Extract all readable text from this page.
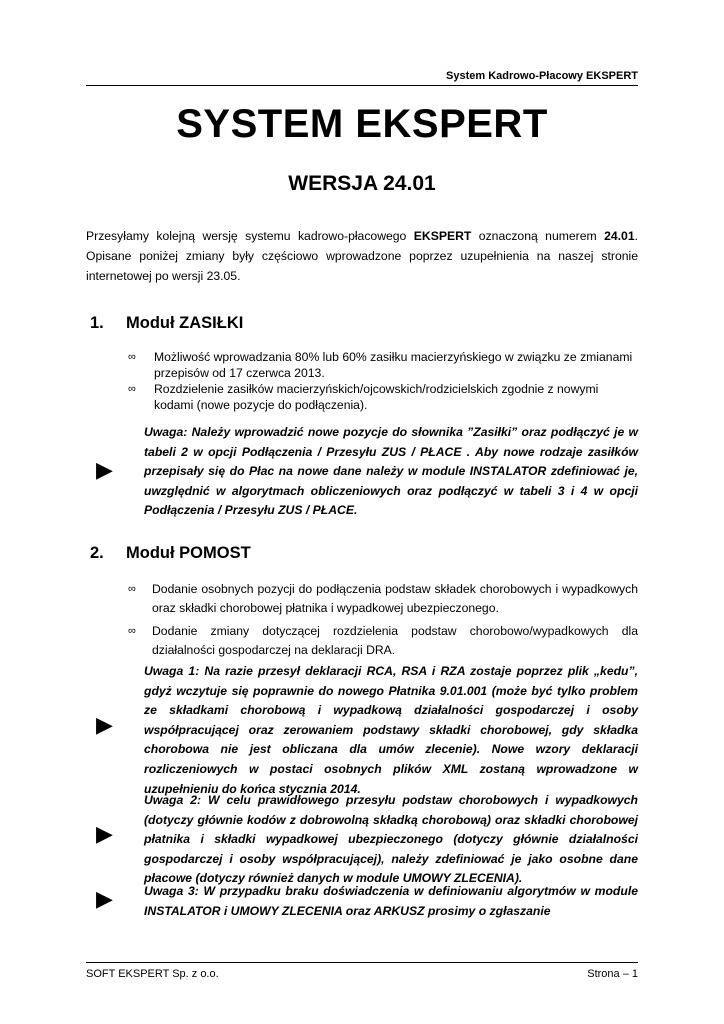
System Kadrowo-Płacowy EKSPERT
SYSTEM EKSPERT
WERSJA 24.01
Przesyłamy kolejną wersję systemu kadrowo-płacowego EKSPERT oznaczoną numerem 24.01. Opisane poniżej zmiany były częściowo wprowadzone poprzez uzupełnienia na naszej stronie internetowej po wersji 23.05.
1. Moduł ZASIŁKI
∞	Możliwość wprowadzania 80% lub 60% zasiłku macierzyńskiego w związku ze zmianami przepisów od 17 czerwca 2013.
∞	Rozdzielenie zasiłków macierzyńskich/ojcowskich/rodzicielskich zgodnie z nowymi kodami (nowe pozycje do podłączenia).
▶
Uwaga: Należy wprowadzić nowe pozycje do słownika ”Zasiłki” oraz podłączyć je w tabeli 2 w opcji Podłączenia / Przesyłu ZUS / PŁACE . Aby nowe rodzaje zasiłków przepisały się do Płac na nowe dane należy w module INSTALATOR zdefiniować je, uwzględnić w algorytmach obliczeniowych oraz podłączyć w tabeli 3 i 4 w opcji Podłączenia / Przesyłu ZUS / PŁACE.
2. Moduł POMOST
∞ Dodanie osobnych pozycji do podłączenia podstaw składek chorobowych i wypadkowych oraz składki chorobowej płatnika i wypadkowej ubezpieczonego.
∞ Dodanie zmiany dotyczącej rozdzielenia podstaw chorobowo/wypadkowych dla działalności gospodarczej na deklaracji DRA.
▶
Uwaga 1: Na razie przesył deklaracji RCA, RSA i RZA zostaje poprzez plik „kedu”, gdyż wczytuje się poprawnie do nowego Płatnika 9.01.001 (może być tylko problem ze składkami chorobową i wypadkową działalności gospodarczej i osoby współpracującej oraz zerowaniem podstawy składki chorobowej, gdy składka chorobowa nie jest obliczana dla umów zlecenie). Nowe wzory deklaracji rozliczeniowych w postaci osobnych plików XML zostaną wprowadzone w uzupełnieniu do końca stycznia 2014.
▶
Uwaga 2: W celu prawidłowego przesyłu podstaw chorobowych i wypadkowych (dotyczy głównie kodów z dobrowolną składką chorobową) oraz składki chorobowej płatnika i składki wypadkowej ubezpieczonego (dotyczy głównie działalności gospodarczej i osoby współpracującej), należy zdefiniować je jako osobne dane płacowe (dotyczy również danych w module UMOWY ZLECENIA).
▶	Uwaga 3: W przypadku braku doświadczenia w definiowaniu algorytmów w module INSTALATOR i UMOWY ZLECENIA oraz ARKUSZ prosimy o zgłaszanie
SOFT EKSPERT Sp. z o.o.	Strona – 1
